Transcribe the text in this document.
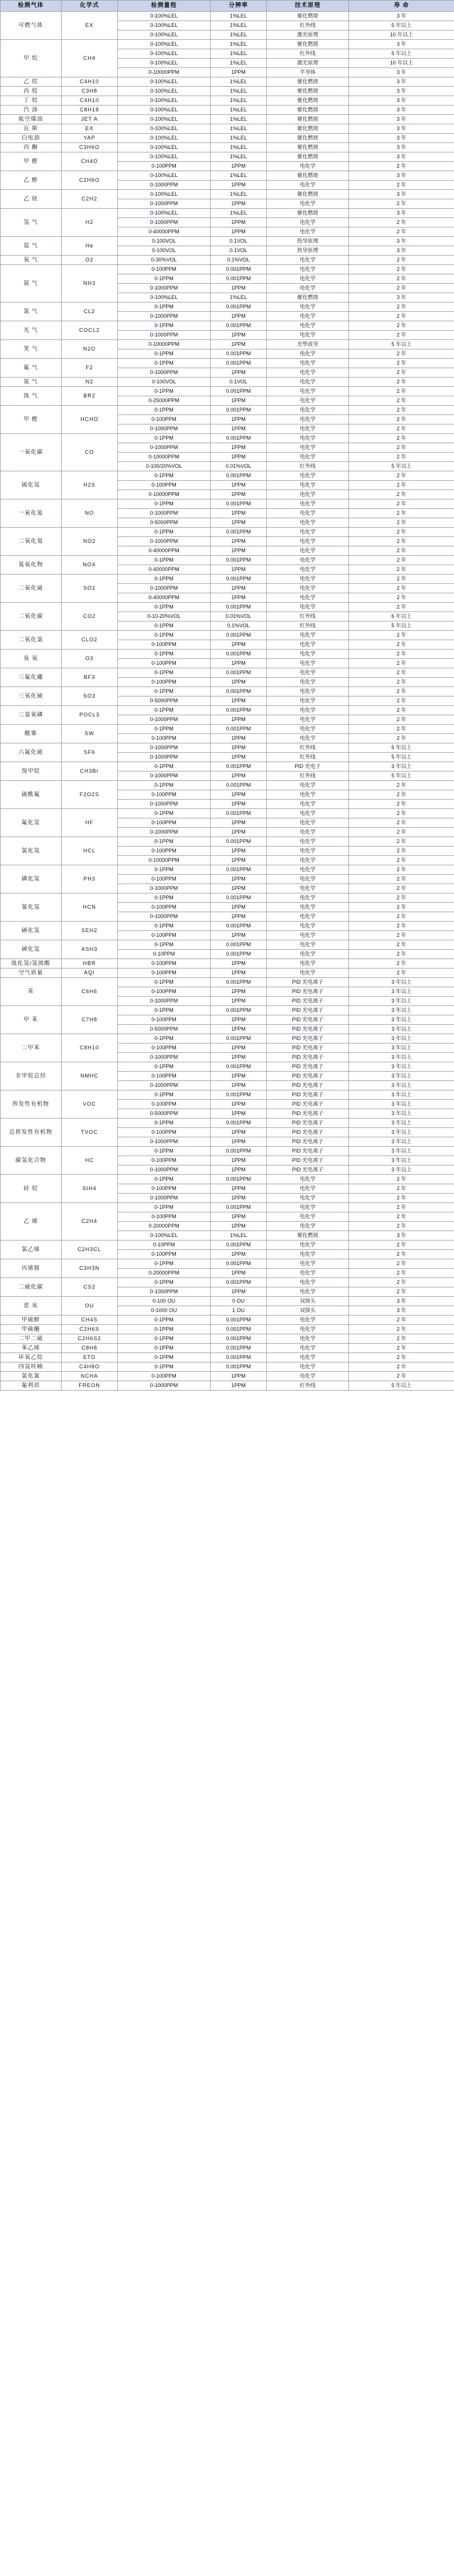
检测气体	化学式	检测量程	分辨率	技术原理	寿 命
可燃气体	EX	0-100%LEL	1%LEL	催化燃烧	3 年
		0-100%LEL	1%LEL	红外线	5 年以上
		0-100%LEL	1%LEL	激光原理	10 年以上
甲 烷	CH4	0-100%LEL	1%LEL	催化燃烧	3 年
		0-100%LEL	1%LEL	红外线	5 年以上
		0-100%LEL	1%LEL	激光原理	10 年以上
		0-10000PPM	1PPM	半导体	3 年
乙 烷	C4H10	0-100%LEL	1%LEL	催化燃烧	3 年
丙 烷	C3H8	0-100%LEL	1%LEL	催化燃烧	3 年
丁 烷	C4H10	0-100%LEL	1%LEL	催化燃烧	3 年
汽 油	C8H18	0-100%LEL	1%LEL	催化燃烧	3 年
航空煤油	JET A	0-100%LEL	1%LEL	催化燃烧	3 年
瓦 斯	EX	0-100%LEL	1%LEL	催化燃烧	3 年
白电油	YAP	0-100%LEL	1%LEL	催化燃烧	3 年
丙 酮	C3H6O	0-100%LEL	1%LEL	催化燃烧	3 年
甲 醛	CH4O	0-100%LEL	1%LEL	催化燃烧	3 年
		0-100PPM	1PPM	电化学	2 年
乙 醇	C2H6O	0-100%LEL	1%LEL	催化燃烧	3 年
		0-1000PPM	1PPM	电化学	2 年
乙 炔	C2H2	0-100%LEL	1%LEL	催化燃烧	3 年
		0-1000PPM	1PPM	电化学	2 年
氢 气	H2	0-100%LEL	1%LEL	催化燃烧	3 年
		0-1000PPM	1PPM	电化学	2 年
		0-40000PPM	1PPM	电化学	2 年
氦 气	He	0-100VOL	0.1VOL	热导原理	3 年
		0-100VOL	0.1VOL	热导原理	3 年
氧 气	O2	0-30%VOL	0.1%VOL	电化学	2 年
氨 气	NH3	0-100PPM	0.001PPM	电化学	2 年
		0-1PPM	0.001PPM	电化学	2 年
		0-1000PPM	1PPM	电化学	2 年
		0-100%LEL	1%LEL	催化燃烧	3 年
氯 气	CL2	0-1PPM	0.001PPM	电化学	2 年
		0-1000PPM	1PPM	电化学	2 年
光 气	COCL2	0-1PPM	0.001PPM	电化学	2 年
		0-1000PPM	1PPM	电化学	2 年
笑 气	N2O	0-10000PPM	1PPM	光學波导	5 年以上
		0-1PPM	0.001PPM	电化学	2 年
氟 气	F2	0-1PPM	0.001PPM	电化学	2 年
		0-1000PPM	1PPM	电化学	2 年
氮 气	N2	0-100VOL	0.1VOL	电化学	2 年
溴 气	BR2	0-1PPM	0.001PPM	电化学	2 年
		0-25000PPM	1PPM	电化学	2 年
甲 醛	HCHO	0-1PPM	0.001PPM	电化学	2 年
		0-100PPM	1PPM	电化学	2 年
		0-1000PPM	1PPM	电化学	2 年
一氧化碳	CO	0-1PPM	0.001PPM	电化学	2 年
		0-1000PPM	1PPM	电化学	2 年
		0-10000PPM	1PPM	电化学	2 年
		0-100/20%VOL	0.01%VOL	红外线	5 年以上
硫化氢	H2S	0-1PPM	0.001PPM	电化学	2 年
		0-100PPM	1PPM	电化学	2 年
		0-10000PPM	1PPM	电化学	2 年
一氧化氮	NO	0-1PPM	0.001PPM	电化学	2 年
		0-1000PPM	1PPM	电化学	2 年
		0-5000PPM	1PPM	电化学	2 年
二氧化氮	NO2	0-1PPM	0.001PPM	电化学	2 年
		0-1000PPM	1PPM	电化学	2 年
		0-40000PPM	1PPM	电化学	2 年
氮氧化物	NOX	0-1PPM	0.001PPM	电化学	2 年
		0-40000PPM	1PPM	电化学	2 年
二氧化硫	SO2	0-1PPM	0.001PPM	电化学	2 年
		0-1000PPM	1PPM	电化学	2 年
		0-40000PPM	1PPM	电化学	2 年
二氧化碳	CO2	0-1PPM	0.001PPM	电化学	2 年
		0-10-20%VOL	0.01%VOL	红外线	6 年以上
		0-1PPM	0.1%VOL	红外线	5 年以上
二氧化氯	CLO2	0-1PPM	0.001PPM	电化学	2 年
		0-100PPM	1PPM	电化学	2 年
臭 氧	O3	0-1PPM	0.001PPM	电化学	2 年
		0-100PPM	1PPM	电化学	2 年
三氟化硼	BF3	0-1PPM	0.001PPM	电化学	2 年
		0-100PPM	1PPM	电化学	2 年
三氧化硫	SO3	0-1PPM	0.001PPM	电化学	2 年
		0-5000PPM	1PPM	电化学	2 年
三氯氧磷	POCL3	0-1PPM	0.001PPM	电化学	2 年
		0-1000PPM	1PPM	电化学	2 年
酸雾	SW	0-1PPM	0.001PPM	电化学	2 年
		0-100PPM	1PPM	电化学	2 年
六氟化硫	SF6	0-1000PPM	1PPM	红外线	5 年以上
		0-1000PPM	1PPM	红外线	5 年以上
溴甲烷	CH3Br	0-1PPM	0.001PPM	PID 光电子	3 年以上
		0-1000PPM	1PPM	红外线	5 年以上
硫酰氟	F2O2S	0-1PPM	0.001PPM	电化学	2 年
		0-100PPM	1PPM	电化学	2 年
		0-1000PPM	1PPM	电化学	2 年
氟化氢	HF	0-1PPM	0.001PPM	电化学	2 年
		0-100PPM	1PPM	电化学	2 年
		0-1000PPM	1PPM	电化学	2 年
氯化氢	HCL	0-1PPM	0.001PPM	电化学	2 年
		0-100PPM	1PPM	电化学	2 年
		0-10000PPM	1PPM	电化学	2 年
磷化氢	PH3	0-1PPM	0.001PPM	电化学	2 年
		0-100PPM	1PPM	电化学	2 年
		0-1000PPM	1PPM	电化学	2 年
氰化氢	HCN	0-1PPM	0.001PPM	电化学	2 年
		0-100PPM	1PPM	电化学	2 年
		0-1000PPM	1PPM	电化学	2 年
硒化氢	SEH2	0-1PPM	0.001PPM	电化学	2 年
		0-100PPM	1PPM	电化学	2 年
砷化氢	ASH3	0-1PPM	0.001PPM	电化学	2 年
		0-10PPM	0.001PPM	电化学	2 年
溴化氢/氢溴酸	HBR	0-100PPM	1PPM	电化学	2 年
空气质量	AQI	0-100PPM	1PPM	电化学	2 年
苯	C6H6	0-1PPM	0.001PPM	PID 光电离子	3 年以上
		0-100PPM	1PPM	PID 光电离子	3 年以上
		0-1000PPM	1PPM	PID 光电离子	3 年以上
甲 苯	C7H8	0-1PPM	0.001PPM	PID 光电离子	3 年以上
		0-100PPM	1PPM	PID 光电离子	3 年以上
		0-5000PPM	1PPM	PID 光电离子	3 年以上
二甲苯	C8H10	0-1PPM	0.001PPM	PID 光电离子	3 年以上
		0-100PPM	1PPM	PID 光电离子	3 年以上
		0-1000PPM	1PPM	PID 光电离子	3 年以上
非甲烷总烃	NMHC	0-1PPM	0.001PPM	PID 光电离子	3 年以上
		0-100PPM	1PPM	PID 光电离子	3 年以上
		0-1000PPM	1PPM	PID 光电离子	3 年以上
挥发性有机物	VOC	0-1PPM	0.001PPM	PID 光电离子	3 年以上
		0-100PPM	1PPM	PID 光电离子	3 年以上
		0-5000PPM	1PPM	PID 光电离子	3 年以上
总挥发性有机物	TVOC	0-1PPM	0.001PPM	PID 光电离子	3 年以上
		0-100PPM	1PPM	PID 光电离子	3 年以上
		0-1000PPM	1PPM	PID 光电离子	3 年以上
碳氢化合物	HC	0-1PPM	0.001PPM	PID 光电离子	3 年以上
		0-100PPM	1PPM	PID 光电离子	3 年以上
		0-1000PPM	1PPM	PID 光电离子	3 年以上
硅 烷	SIH4	0-1PPM	0.001PPM	电化学	2 年
		0-100PPM	1PPM	电化学	2 年
		0-1000PPM	1PPM	电化学	2 年
乙 烯	C2H4	0-1PPM	0.001PPM	电化学	2 年
		0-100PPM	1PPM	电化学	2 年
		0-20000PPM	1PPM	电化学	2 年
		0-100%LEL	1%LEL	催化燃烧	3 年
氯乙烯	C2H3CL	0-10PPM	0.001PPM	电化学	2 年
		0-100PPM	1PPM	电化学	2 年
丙烯腈	C3H3N	0-1PPM	0.001PPM	电化学	2 年
		0-20000PPM	1PPM	电化学	2 年
二硫化碳	CS2	0-1PPM	0.001PPM	电化学	2 年
		0-1000PPM	1PPM	电化学	2 年
恶 臭	OU	0-100 OU	0 OU	双探头	3 年
		0-1000 OU	1 OU	双探头	3 年
甲硫醇	CH4S	0-1PPM	0.001PPM	电化学	2 年
甲硫醚	C2H6S	0-1PPM	0.001PPM	电化学	2 年
二甲二硫	C2H6S2	0-1PPM	0.001PPM	电化学	2 年
苯乙烯	C8H8	0-1PPM	0.001PPM	电化学	2 年
环氧乙烷	ETO	0-1PPM	0.001PPM	电化学	2 年
四氢呋喃	C4H8O	0-1PPM	0.001PPM	电化学	2 年
氯化氰	NCHA	0-100PPM	1PPM	电化学	2 年
氟利昂	FREON	0-1000PPM	1PPM	红外线	5 年以上
